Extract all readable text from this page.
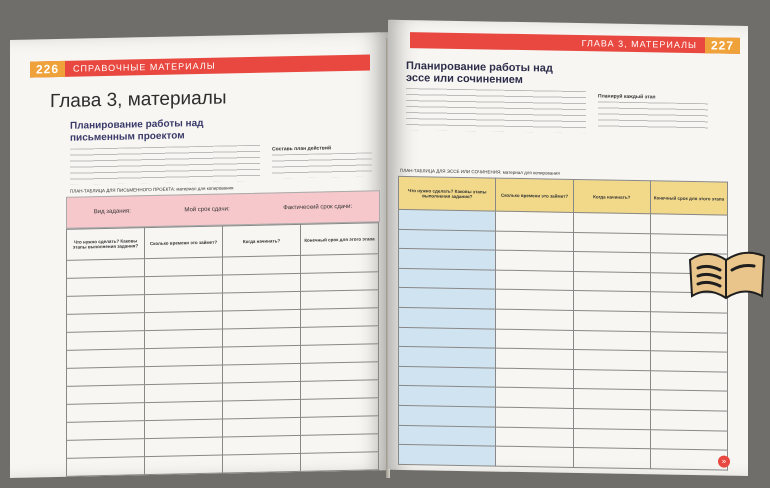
226	СПРАВОЧНЫЕ МАТЕРИАЛЫ
Глава 3, материалы
Планирование работы над письменным проектом
Составь план действий
ПЛАН-ТАБЛИЦА ДЛЯ ПИСЬМЕННОГО ПРОЕКТА: материал для копирования
Вид задания:	Мой срок сдачи:	Фактический срок сдачи:
Что нужно сделать? Каковы этапы выполнения задания?	Сколько времени это займет?	Когда начинать?	Конечный срок для этого этапа

ГЛАВА 3, МАТЕРИАЛЫ	227
Планирование работы над эссе или сочинением
Планируй каждый этап
ПЛАН-ТАБЛИЦА ДЛЯ ЭССЕ ИЛИ СОЧИНЕНИЯ: материал для копирования
Что нужно сделать? Каковы этапы выполнения задания?	Сколько времени это займет?	Когда начинать?	Конечный срок для этого этапа

»
